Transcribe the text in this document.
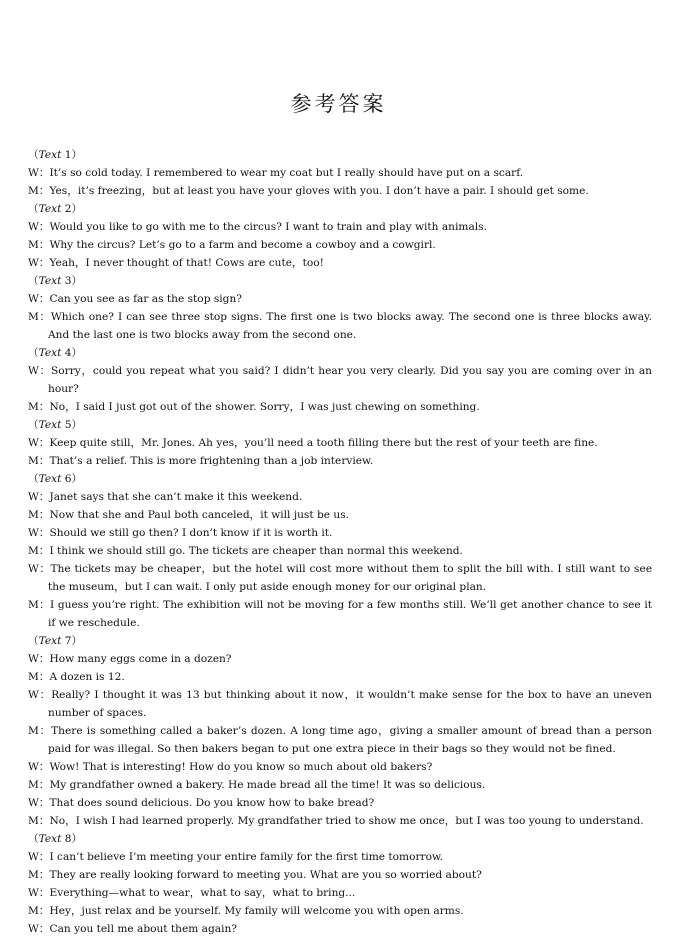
参考答案
（Text 1）
W：It’s so cold today. I remembered to wear my coat but I really should have put on a scarf.
M：Yes，it’s freezing，but at least you have your gloves with you. I don’t have a pair. I should get some.
（Text 2）
W：Would you like to go with me to the circus? I want to train and play with animals.
M：Why the circus? Let’s go to a farm and become a cowboy and a cowgirl.
W：Yeah，I never thought of that! Cows are cute，too!
（Text 3）
W：Can you see as far as the stop sign?
M：Which one? I can see three stop signs. The first one is two blocks away. The second one is three blocks away. And the last one is two blocks away from the second one.
（Text 4）
W：Sorry，could you repeat what you said? I didn’t hear you very clearly. Did you say you are coming over in an hour?
M：No，I said I just got out of the shower. Sorry，I was just chewing on something.
（Text 5）
W：Keep quite still，Mr. Jones. Ah yes，you’ll need a tooth filling there but the rest of your teeth are fine.
M：That’s a relief. This is more frightening than a job interview.
（Text 6）
W：Janet says that she can’t make it this weekend.
M：Now that she and Paul both canceled，it will just be us.
W：Should we still go then? I don’t know if it is worth it.
M：I think we should still go. The tickets are cheaper than normal this weekend.
W：The tickets may be cheaper，but the hotel will cost more without them to split the bill with. I still want to see the museum，but I can wait. I only put aside enough money for our original plan.
M：I guess you’re right. The exhibition will not be moving for a few months still. We’ll get another chance to see it if we reschedule.
（Text 7）
W：How many eggs come in a dozen?
M：A dozen is 12.
W：Really? I thought it was 13 but thinking about it now，it wouldn’t make sense for the box to have an uneven number of spaces.
M：There is something called a baker’s dozen. A long time ago，giving a smaller amount of bread than a person paid for was illegal. So then bakers began to put one extra piece in their bags so they would not be fined.
W：Wow! That is interesting! How do you know so much about old bakers?
M：My grandfather owned a bakery. He made bread all the time! It was so delicious.
W：That does sound delicious. Do you know how to bake bread?
M：No，I wish I had learned properly. My grandfather tried to show me once，but I was too young to understand.
（Text 8）
W：I can’t believe I’m meeting your entire family for the first time tomorrow.
M：They are really looking forward to meeting you. What are you so worried about?
W：Everything—what to wear，what to say，what to bring...
M：Hey，just relax and be yourself. My family will welcome you with open arms.
W：Can you tell me about them again?
